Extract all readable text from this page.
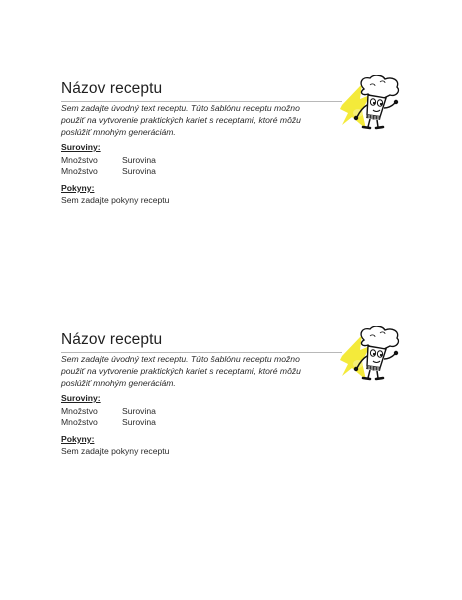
Názov receptu
Sem zadajte úvodný text receptu. Túto šablónu receptu možno
použiť na vytvorenie praktických kariet s receptami, ktoré môžu
poslúžiť mnohým generáciám.
Suroviny:
Množstvo	Surovina
Množstvo	Surovina
Pokyny:
Sem zadajte pokyny receptu
Názov receptu
Sem zadajte úvodný text receptu. Túto šablónu receptu možno
použiť na vytvorenie praktických kariet s receptami, ktoré môžu
poslúžiť mnohým generáciám.
Suroviny:
Množstvo	Surovina
Množstvo	Surovina
Pokyny:
Sem zadajte pokyny receptu
